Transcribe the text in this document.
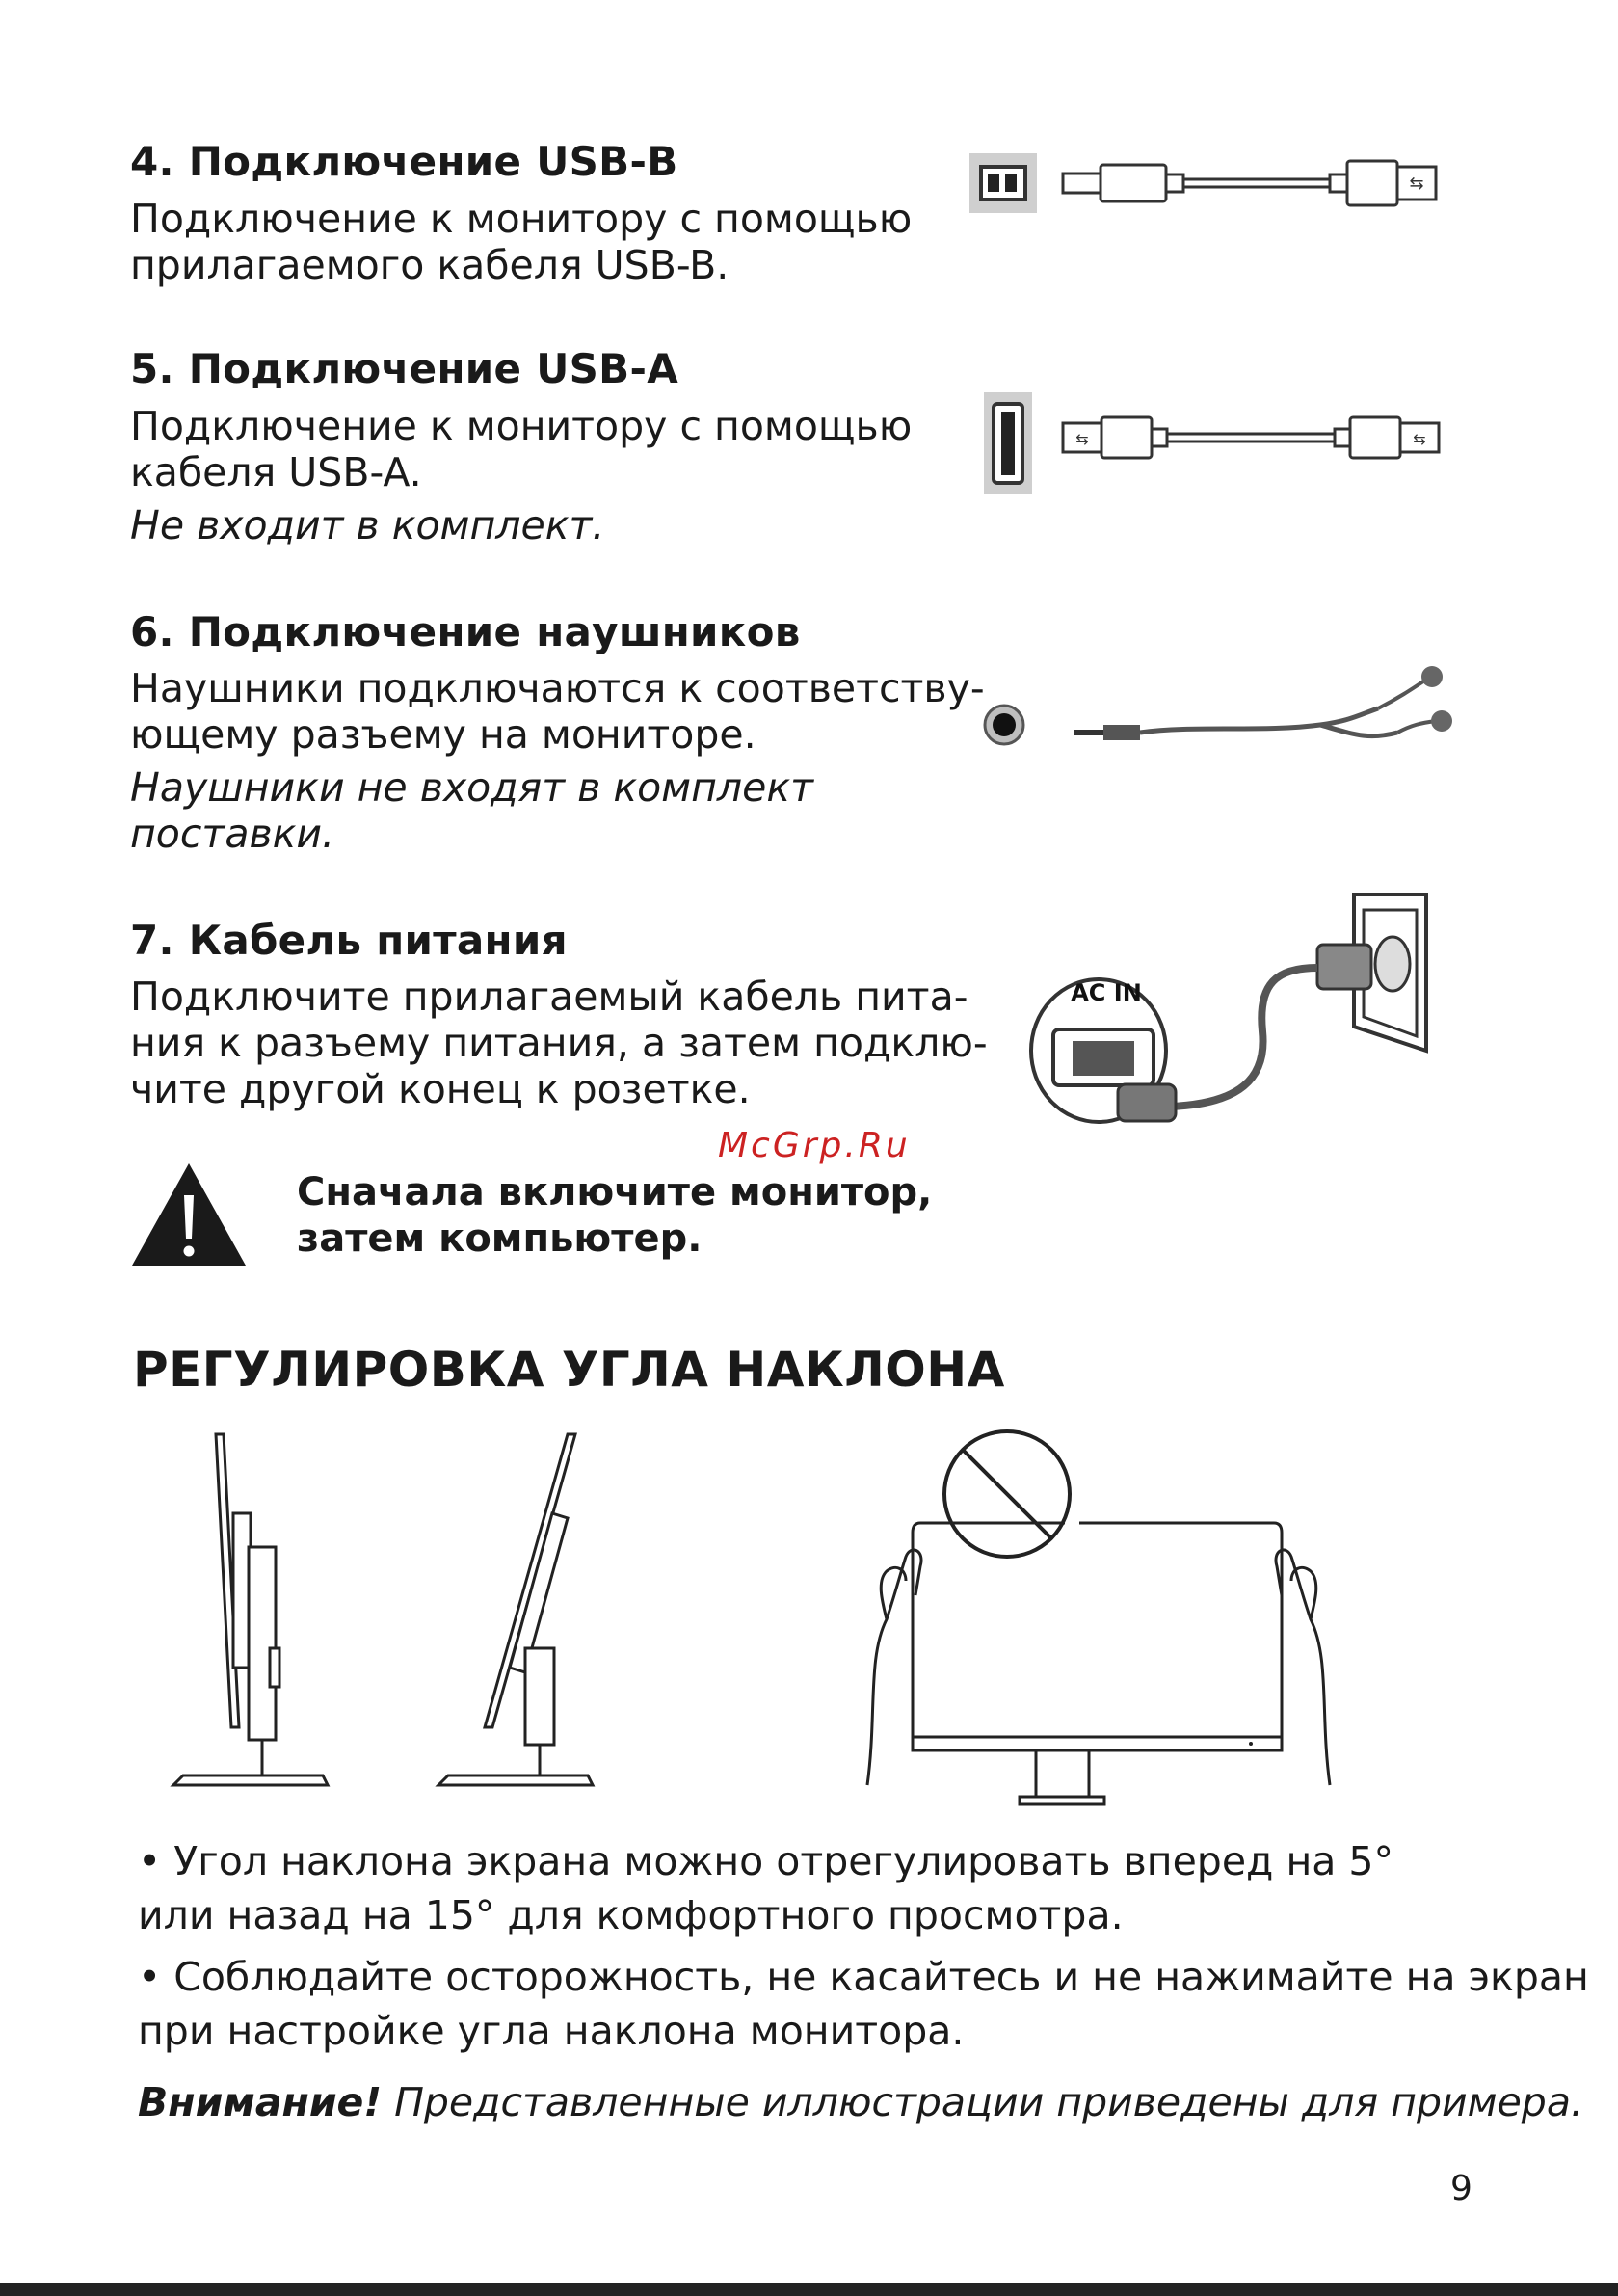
4. Подключение USB-B
Подключение к монитору с помощью
прилагаемого кабеля USB-B.
5. Подключение USB-A
Подключение к монитору с помощью
кабеля USB-A.
Не входит в комплект.
6. Подключение наушников
Наушники подключаются к соответству-
ющему разъему на мониторе.
Наушники не входят в комплект
поставки.
7. Кабель питания
Подключите прилагаемый кабель пита-
ния к разъему питания, а затем подклю-
чите другой конец к розетке.
McGrp.Ru
Сначала включите монитор,
затем компьютер.
⇆
⇆	⇆
AC IN
РЕГУЛИРОВКА УГЛА НАКЛОНА
• Угол наклона экрана можно отрегулировать вперед на 5°
или назад на 15° для комфортного просмотра.
• Соблюдайте осторожность, не касайтесь и не нажимайте на экран
при настройке угла наклона монитора.
Внимание! Представленные иллюстрации приведены для примера.
9
